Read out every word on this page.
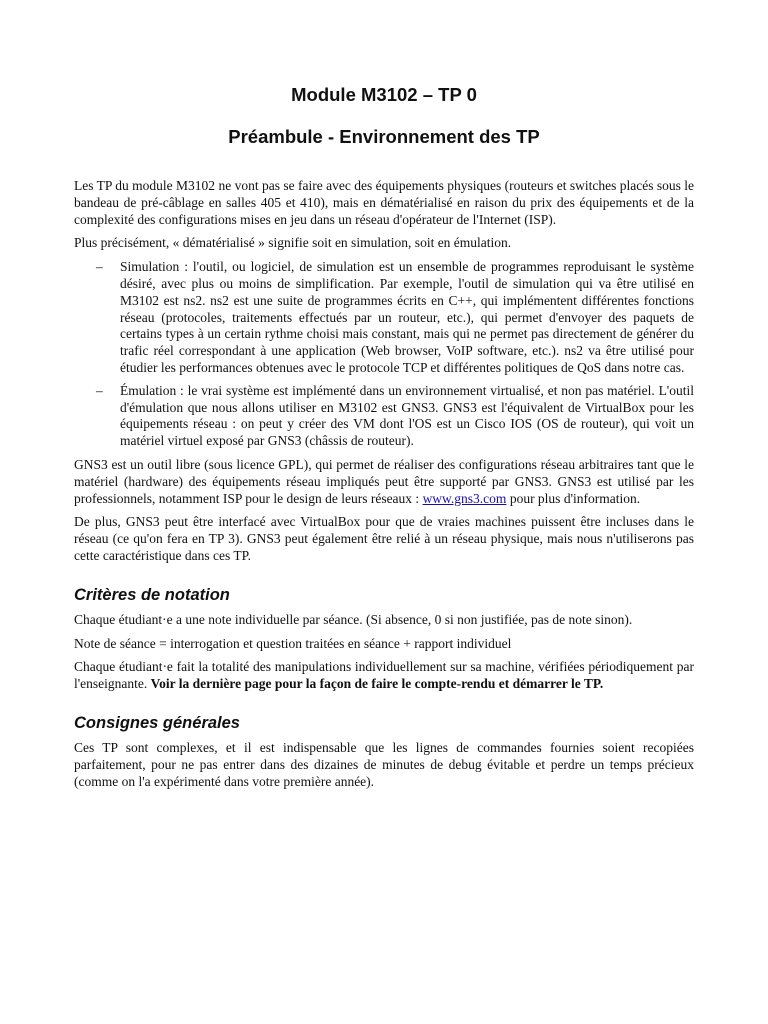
Module M3102 – TP 0
Préambule - Environnement des TP

Les TP du module M3102 ne vont pas se faire avec des équipements physiques (routeurs et switches placés sous le bandeau de pré-câblage en salles 405 et 410), mais en dématérialisé en raison du prix des équipements et de la complexité des configurations mises en jeu dans un réseau d'opérateur de l'Internet (ISP).

Plus précisément, « dématérialisé » signifie soit en simulation, soit en émulation.

– Simulation : l'outil, ou logiciel, de simulation est un ensemble de programmes reproduisant le système désiré, avec plus ou moins de simplification. Par exemple, l'outil de simulation qui va être utilisé en M3102 est ns2. ns2 est une suite de programmes écrits en C++, qui implémentent différentes fonctions réseau (protocoles, traitements effectués par un routeur, etc.), qui permet d'envoyer des paquets de certains types à un certain rythme choisi mais constant, mais qui ne permet pas directement de générer du trafic réel correspondant à une application (Web browser, VoIP software, etc.). ns2 va être utilisé pour étudier les performances obtenues avec le protocole TCP et différentes politiques de QoS dans notre cas.
– Émulation : le vrai système est implémenté dans un environnement virtualisé, et non pas matériel. L'outil d'émulation que nous allons utiliser en M3102 est GNS3. GNS3 est l'équivalent de VirtualBox pour les équipements réseau : on peut y créer des VM dont l'OS est un Cisco IOS (OS de routeur), qui voit un matériel virtuel exposé par GNS3 (châssis de routeur).

GNS3 est un outil libre (sous licence GPL), qui permet de réaliser des configurations réseau arbitraires tant que le matériel (hardware) des équipements réseau impliqués peut être supporté par GNS3. GNS3 est utilisé par les professionnels, notamment ISP pour le design de leurs réseaux : www.gns3.com pour plus d'information.

De plus, GNS3 peut être interfacé avec VirtualBox pour que de vraies machines puissent être incluses dans le réseau (ce qu'on fera en TP 3). GNS3 peut également être relié à un réseau physique, mais nous n'utiliserons pas cette caractéristique dans ces TP.

Critères de notation

Chaque étudiant·e a une note individuelle par séance. (Si absence, 0 si non justifiée, pas de note sinon).

Note de séance = interrogation et question traitées en séance + rapport individuel

Chaque étudiant·e fait la totalité des manipulations individuellement sur sa machine, vérifiées périodiquement par l'enseignante. Voir la dernière page pour la façon de faire le compte-rendu et démarrer le TP.

Consignes générales

Ces TP sont complexes, et il est indispensable que les lignes de commandes fournies soient recopiées parfaitement, pour ne pas entrer dans des dizaines de minutes de debug évitable et perdre un temps précieux (comme on l'a expérimenté dans votre première année).
